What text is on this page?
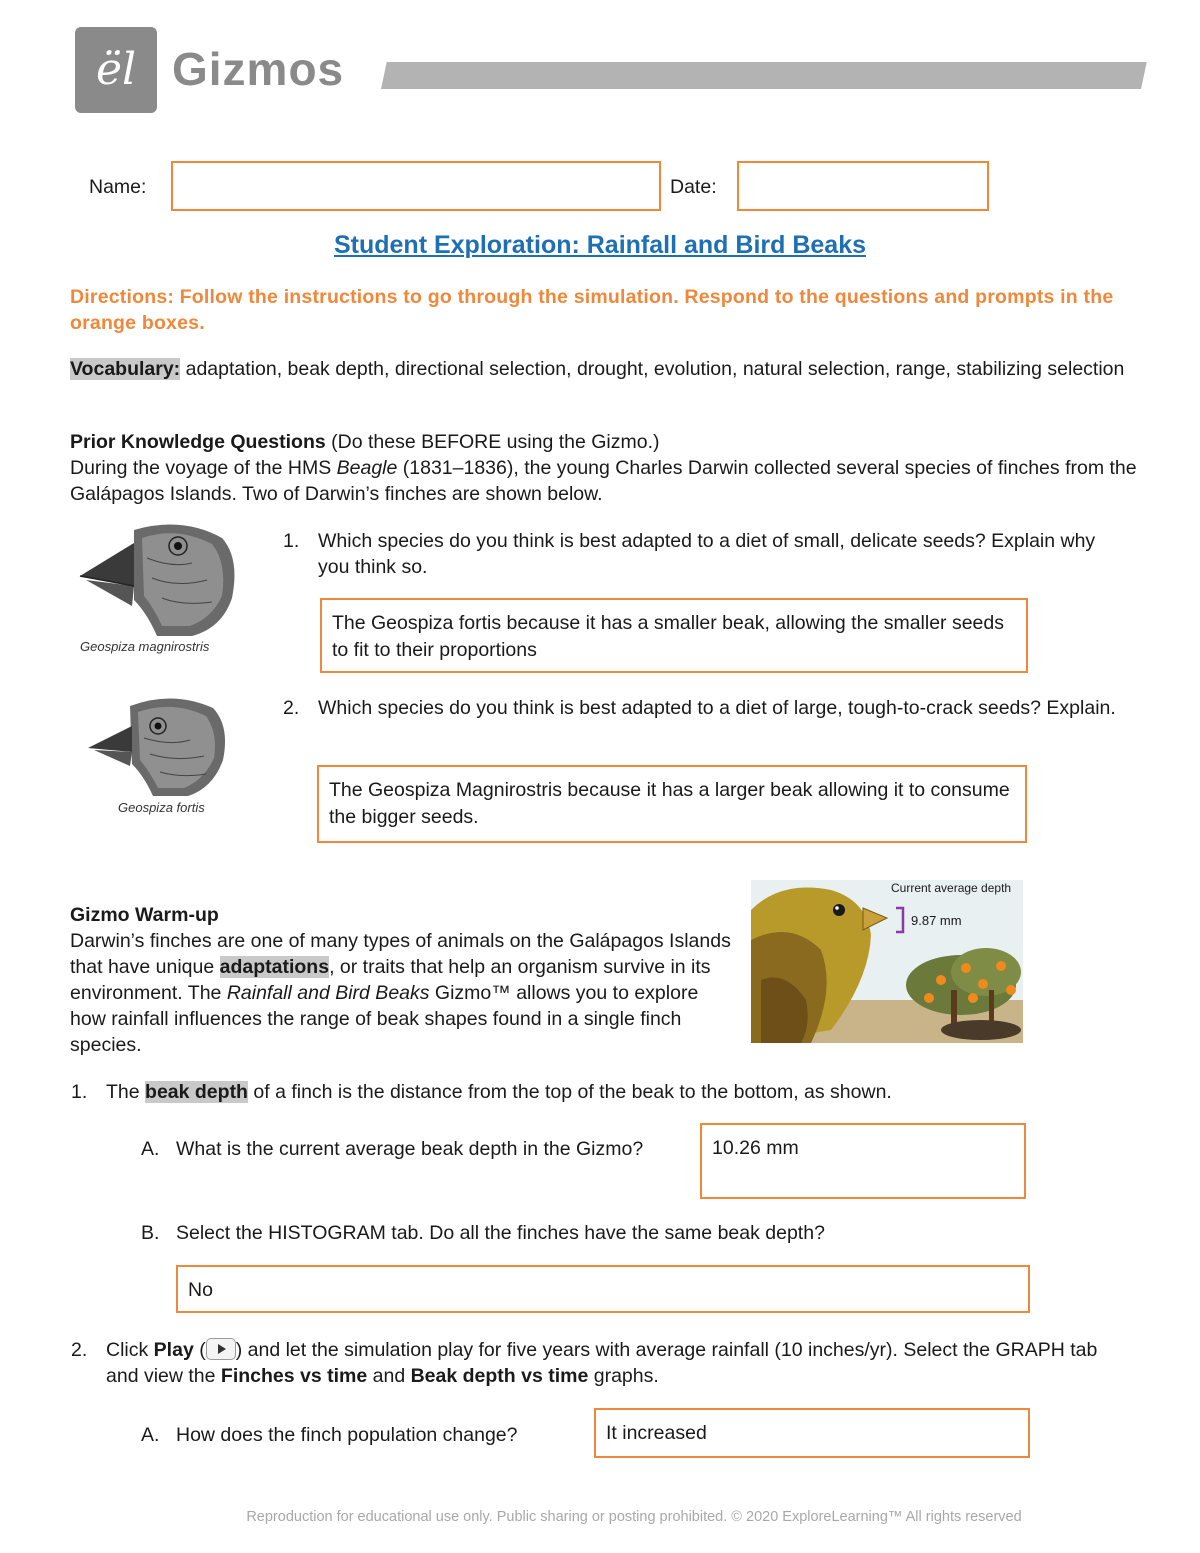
ël Gizmos
Name:	Date:
Student Exploration: Rainfall and Bird Beaks
Directions: Follow the instructions to go through the simulation. Respond to the questions and prompts in the orange boxes.
Vocabulary: adaptation, beak depth, directional selection, drought, evolution, natural selection, range, stabilizing selection
Prior Knowledge Questions (Do these BEFORE using the Gizmo.)
During the voyage of the HMS Beagle (1831–1836), the young Charles Darwin collected several species of finches from the Galápagos Islands. Two of Darwin’s finches are shown below.
Geospiza magnirostris
Geospiza fortis
1. Which species do you think is best adapted to a diet of small, delicate seeds? Explain why you think so.
The Geospiza fortis because it has a smaller beak, allowing the smaller seeds to fit to their proportions
2. Which species do you think is best adapted to a diet of large, tough-to-crack seeds? Explain.
The Geospiza Magnirostris because it has a larger beak allowing it to consume the bigger seeds.
Gizmo Warm-up
Darwin’s finches are one of many types of animals on the Galápagos Islands that have unique adaptations, or traits that help an organism survive in its environment. The Rainfall and Bird Beaks Gizmo™ allows you to explore how rainfall influences the range of beak shapes found in a single finch species.
Current average depth
9.87 mm
1. The beak depth of a finch is the distance from the top of the beak to the bottom, as shown.
A. What is the current average beak depth in the Gizmo?	10.26 mm
B. Select the HISTOGRAM tab. Do all the finches have the same beak depth?
No
2. Click Play ( ) and let the simulation play for five years with average rainfall (10 inches/yr). Select the GRAPH tab and view the Finches vs time and Beak depth vs time graphs.
A. How does the finch population change?	It increased
Reproduction for educational use only. Public sharing or posting prohibited. © 2020 ExploreLearning™ All rights reserved
